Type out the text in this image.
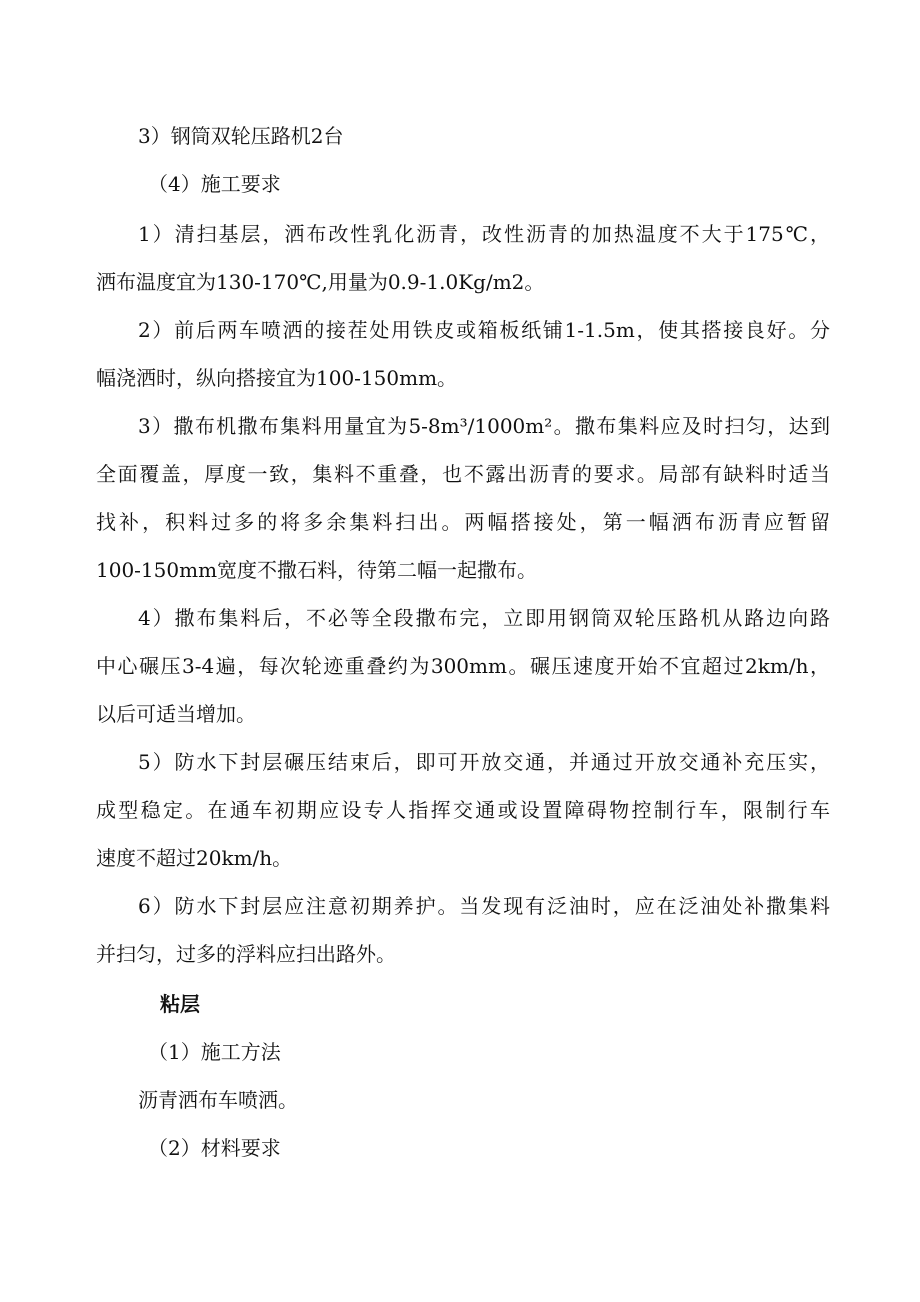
3）钢筒双轮压路机2台

（4）施工要求

1）清扫基层，洒布改性乳化沥青，改性沥青的加热温度不大于175℃，
洒布温度宜为130-170℃,用量为0.9-1.0Kg/m2。

2）前后两车喷洒的接茬处用铁皮或箱板纸铺1-1.5m，使其搭接良好。分
幅浇洒时，纵向搭接宜为100-150mm。

3）撒布机撒布集料用量宜为5-8m³/1000m²。撒布集料应及时扫匀，达到
全面覆盖，厚度一致，集料不重叠，也不露出沥青的要求。局部有缺料时适当
找补，积料过多的将多余集料扫出。两幅搭接处，第一幅洒布沥青应暂留
100-150mm宽度不撒石料，待第二幅一起撒布。

4）撒布集料后，不必等全段撒布完，立即用钢筒双轮压路机从路边向路
中心碾压3-4遍，每次轮迹重叠约为300mm。碾压速度开始不宜超过2km/h，
以后可适当增加。

5）防水下封层碾压结束后，即可开放交通，并通过开放交通补充压实，
成型稳定。在通车初期应设专人指挥交通或设置障碍物控制行车，限制行车
速度不超过20km/h。

6）防水下封层应注意初期养护。当发现有泛油时，应在泛油处补撒集料
并扫匀，过多的浮料应扫出路外。

粘层

（1）施工方法

沥青洒布车喷洒。

（2）材料要求
